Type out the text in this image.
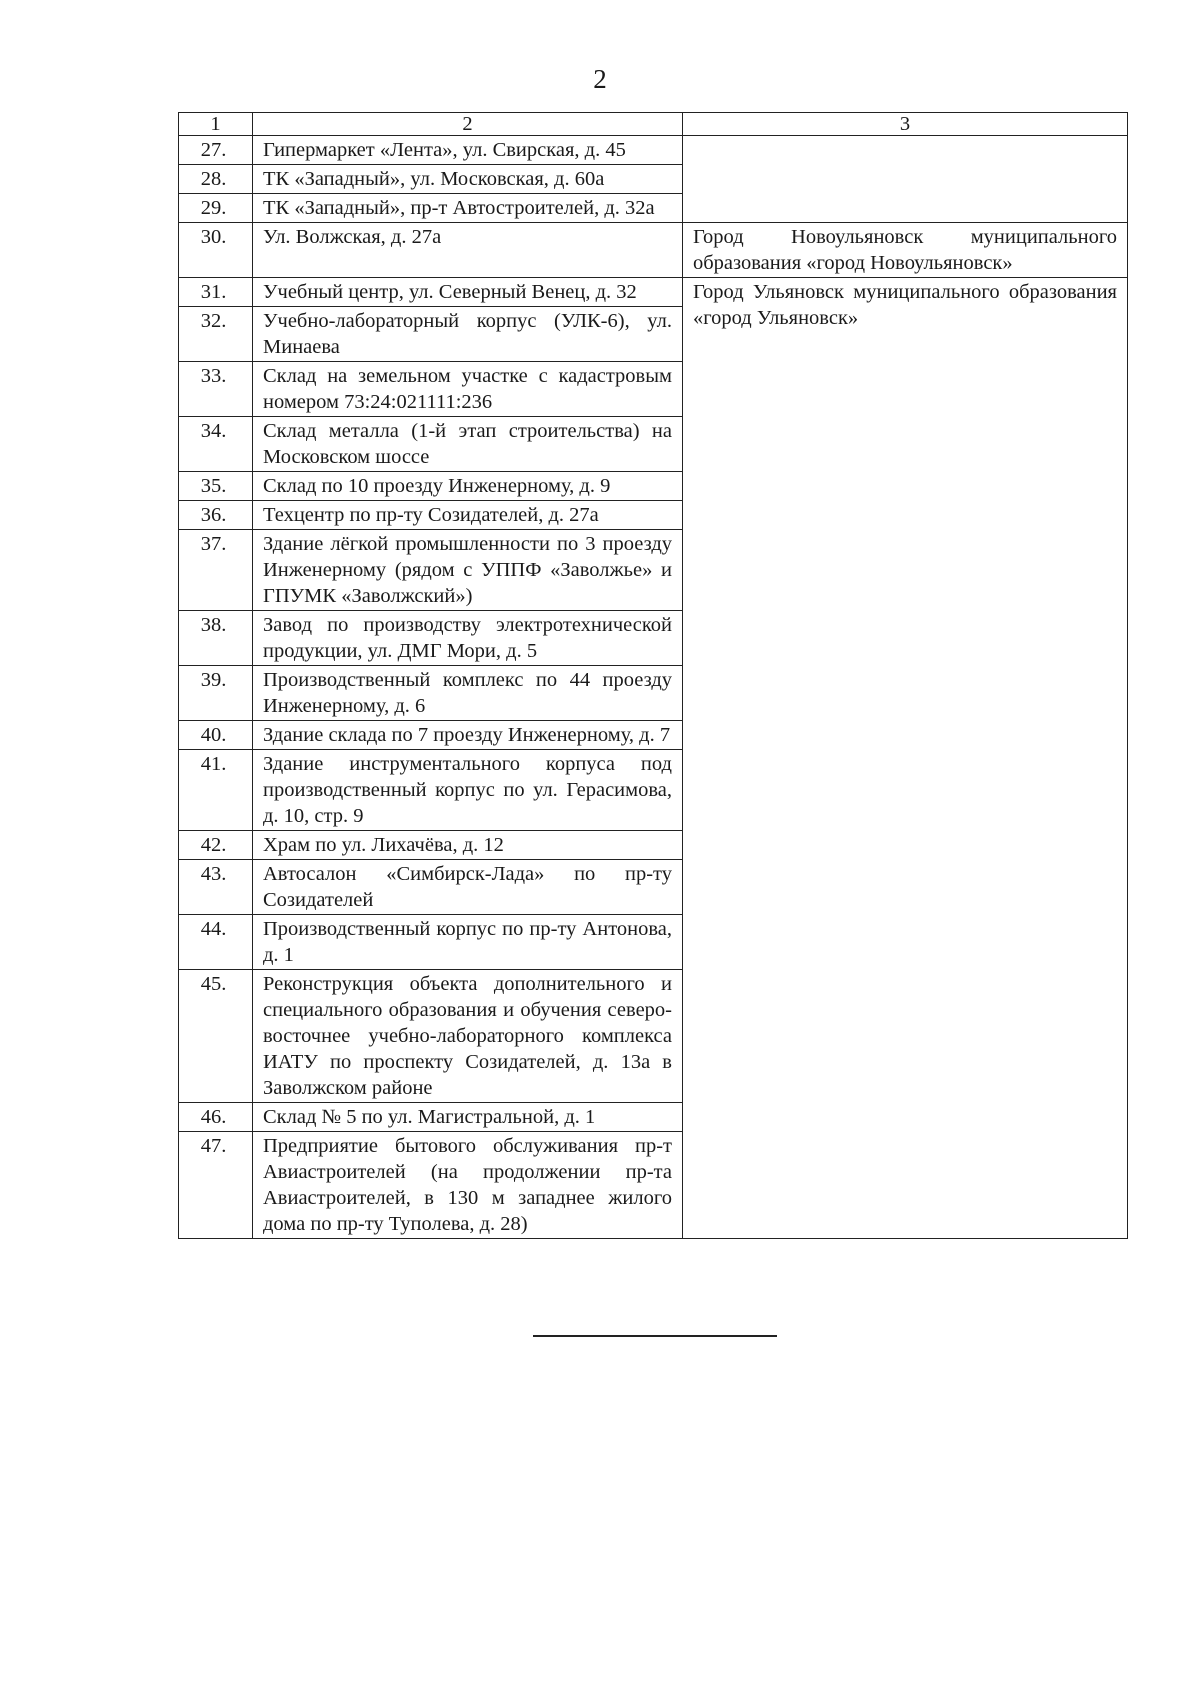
2
1	2	3
27.	Гипермаркет «Лента», ул. Свирская, д. 45	
28.	ТК «Западный», ул. Московская, д. 60а	
29.	ТК «Западный», пр-т Автостроителей, д. 32а	
30.	Ул. Волжская, д. 27а	Город Новоульяновск муниципального образования «город Новоульяновск»
31.	Учебный центр, ул. Северный Венец, д. 32	Город Ульяновск муниципального образования «город Ульяновск»
32.	Учебно-лабораторный корпус (УЛК-6), ул. Минаева	
33.	Склад на земельном участке с кадастровым номером 73:24:021111:236	
34.	Склад металла (1-й этап строительства) на Московском шоссе	
35.	Склад по 10 проезду Инженерному, д. 9	
36.	Техцентр по пр-ту Созидателей, д. 27а	
37.	Здание лёгкой промышленности по 3 проезду Инженерному (рядом с УППФ «Заволжье» и ГПУМК «Заволжский»)	
38.	Завод по производству электротехнической продукции, ул. ДМГ Мори, д. 5	
39.	Производственный комплекс по 44 проезду Инженерному, д. 6	
40.	Здание склада по 7 проезду Инженерному, д. 7	
41.	Здание инструментального корпуса под производственный корпус по ул. Герасимова, д. 10, стр. 9	
42.	Храм по ул. Лихачёва, д. 12	
43.	Автосалон «Симбирск-Лада» по пр-ту Созидателей	
44.	Производственный корпус по пр-ту Антонова, д. 1	
45.	Реконструкция объекта дополнительного и специального образования и обучения северо-восточнее учебно-лабораторного комплекса ИАТУ по проспекту Созидателей, д. 13а в Заволжском районе	
46.	Склад № 5 по ул. Магистральной, д. 1	
47.	Предприятие бытового обслуживания пр-т Авиастроителей (на продолжении пр-та Авиастроителей, в 130 м западнее жилого дома по пр-ту Туполева, д. 28)	
